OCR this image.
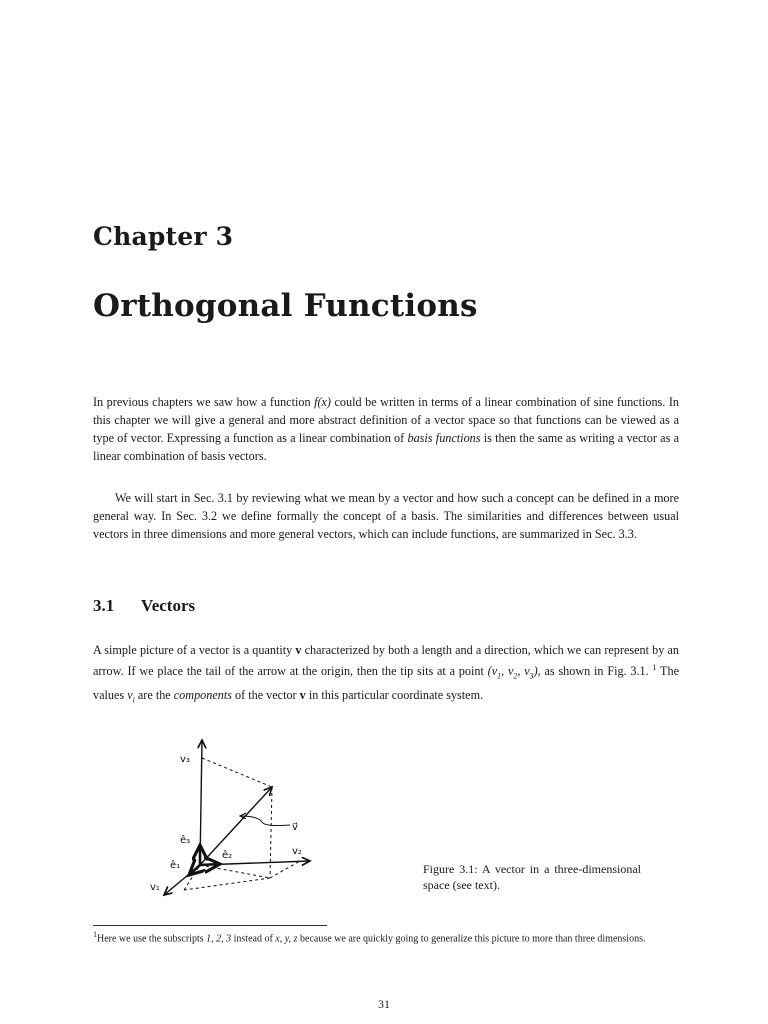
Chapter 3
Orthogonal Functions
In previous chapters we saw how a function f(x) could be written in terms of a linear combination of sine functions. In this chapter we will give a general and more abstract definition of a vector space so that functions can be viewed as a type of vector. Expressing a function as a linear combination of basis functions is then the same as writing a vector as a linear combination of basis vectors.
We will start in Sec. 3.1 by reviewing what we mean by a vector and how such a concept can be defined in a more general way. In Sec. 3.2 we define formally the concept of a basis. The similarities and differences between usual vectors in three dimensions and more general vectors, which can include functions, are summarized in Sec. 3.3.
3.1 Vectors
A simple picture of a vector is a quantity v characterized by both a length and a direction, which we can represent by an arrow. If we place the tail of the arrow at the origin, then the tip sits at a point ($v_1$, $v_2$, $v_3$), as shown in Fig. 3.1. $^1$ The values $v_i$ are the components of the vector v in this particular coordinate system.
v₃
v₂
v₁
v⃗
ê₃
ê₂
ê₁	Figure 3.1: A vector in a three-dimensional space (see text).
$^1$Here we use the subscripts 1, 2, 3 instead of x, y, z because we are quickly going to generalize this picture to more than three dimensions.
31
